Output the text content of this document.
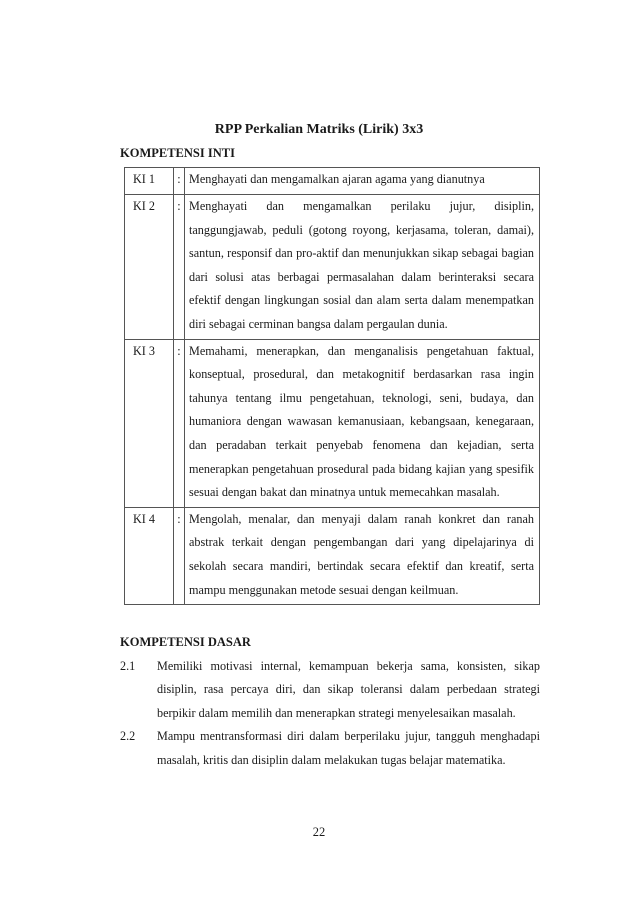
RPP Perkalian Matriks (Lirik) 3x3
KOMPETENSI INTI
KI 1	:	Menghayati dan mengamalkan ajaran agama yang dianutnya
KI 2	:	Menghayati dan mengamalkan perilaku jujur, disiplin, tanggungjawab, peduli (gotong royong, kerjasama, toleran, damai), santun, responsif dan pro-aktif dan menunjukkan sikap sebagai bagian dari solusi atas berbagai permasalahan dalam berinteraksi secara efektif dengan lingkungan sosial dan alam serta dalam menempatkan diri sebagai cerminan bangsa dalam pergaulan dunia.
KI 3	:	Memahami, menerapkan, dan menganalisis pengetahuan faktual, konseptual, prosedural, dan metakognitif berdasarkan rasa ingin tahunya tentang ilmu pengetahuan, teknologi, seni, budaya, dan humaniora dengan wawasan kemanusiaan, kebangsaan, kenegaraan, dan peradaban terkait penyebab fenomena dan kejadian, serta menerapkan pengetahuan prosedural pada bidang kajian yang spesifik sesuai dengan bakat dan minatnya untuk memecahkan masalah.
KI 4	:	Mengolah, menalar, dan menyaji dalam ranah konkret dan ranah abstrak terkait dengan pengembangan dari yang dipelajarinya di sekolah secara mandiri, bertindak secara efektif dan kreatif, serta mampu menggunakan metode sesuai dengan keilmuan.
KOMPETENSI DASAR
2.1 Memiliki motivasi internal, kemampuan bekerja sama, konsisten, sikap disiplin, rasa percaya diri, dan sikap toleransi dalam perbedaan strategi berpikir dalam memilih dan menerapkan strategi menyelesaikan masalah.
2.2 Mampu mentransformasi diri dalam berperilaku jujur, tangguh menghadapi masalah, kritis dan disiplin dalam melakukan tugas belajar matematika.
22
